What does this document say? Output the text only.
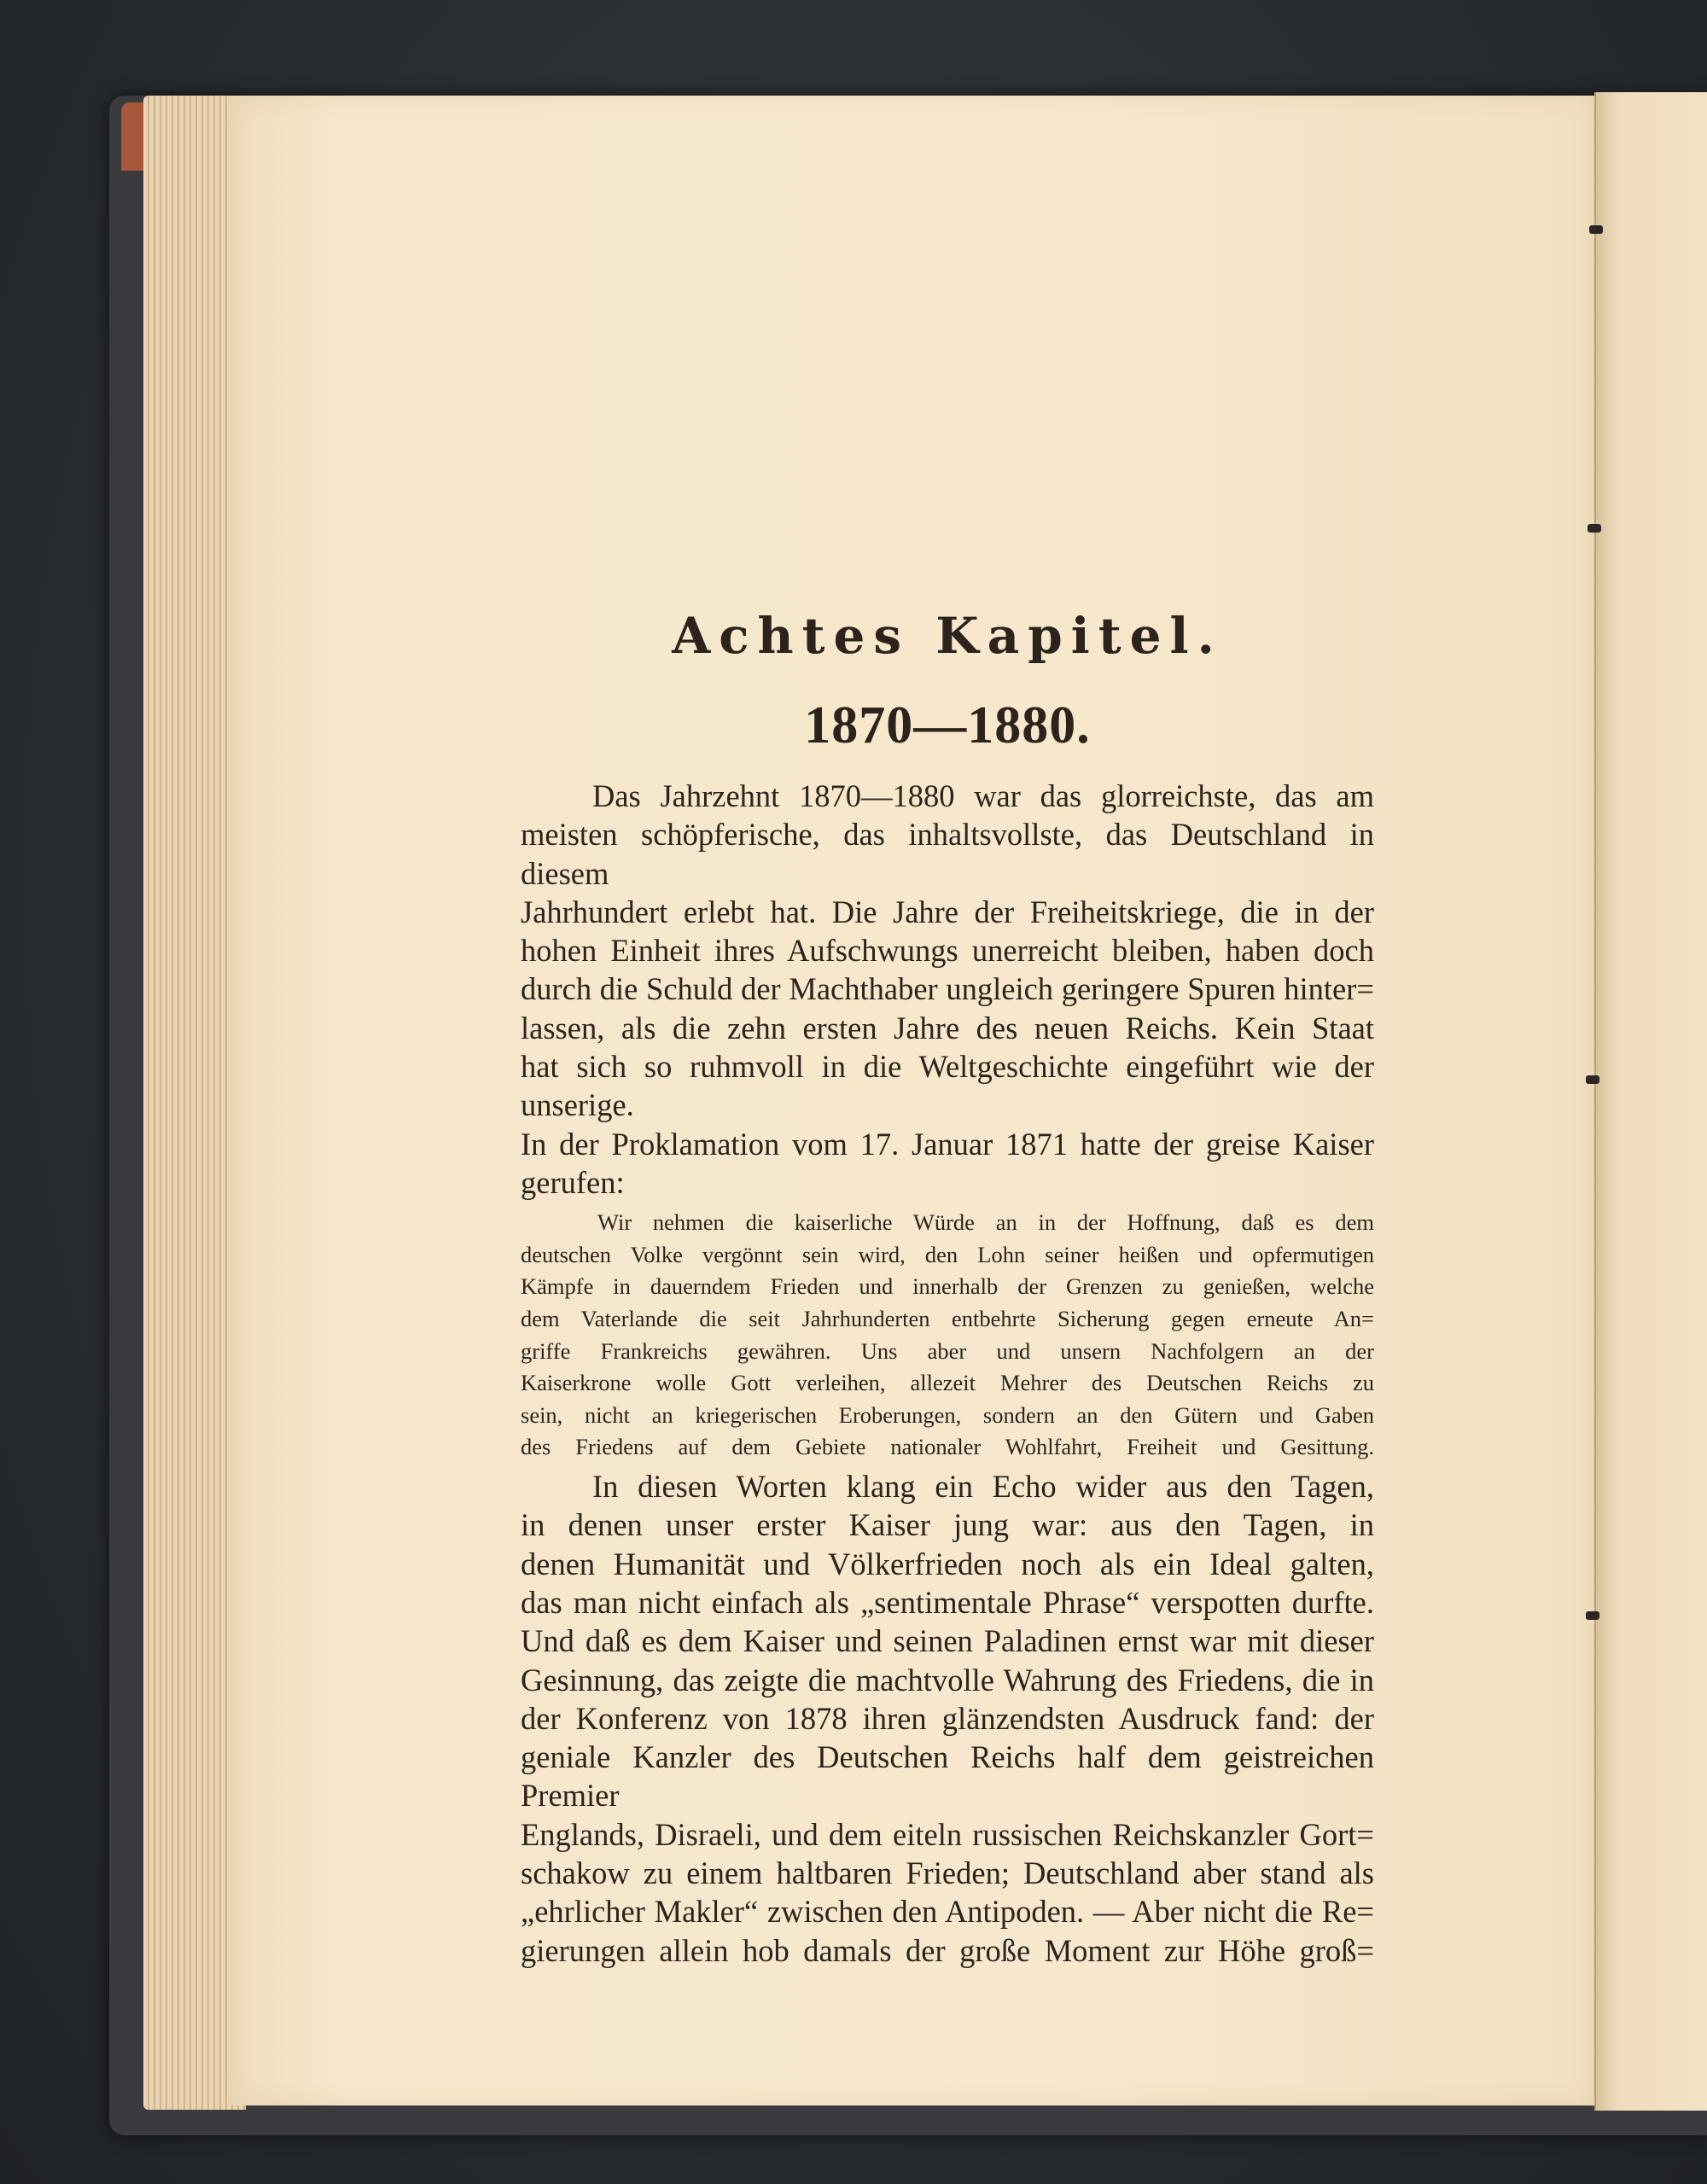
Achtes Kapitel.
1870—1880.

Das Jahrzehnt 1870—1880 war das glorreichste, das am
meisten schöpferische, das inhaltsvollste, das Deutschland in diesem
Jahrhundert erlebt hat. Die Jahre der Freiheitskriege, die in der
hohen Einheit ihres Aufschwungs unerreicht bleiben, haben doch
durch die Schuld der Machthaber ungleich geringere Spuren hinter=
lassen, als die zehn ersten Jahre des neuen Reichs. Kein Staat
hat sich so ruhmvoll in die Weltgeschichte eingeführt wie der unserige.
In der Proklamation vom 17. Januar 1871 hatte der greise Kaiser
gerufen:

Wir nehmen die kaiserliche Würde an in der Hoffnung, daß es dem
deutschen Volke vergönnt sein wird, den Lohn seiner heißen und opfermutigen
Kämpfe in dauerndem Frieden und innerhalb der Grenzen zu genießen, welche
dem Vaterlande die seit Jahrhunderten entbehrte Sicherung gegen erneute An=
griffe Frankreichs gewähren. Uns aber und unsern Nachfolgern an der
Kaiserkrone wolle Gott verleihen, allezeit Mehrer des Deutschen Reichs zu
sein, nicht an kriegerischen Eroberungen, sondern an den Gütern und Gaben
des Friedens auf dem Gebiete nationaler Wohlfahrt, Freiheit und Gesittung.

In diesen Worten klang ein Echo wider aus den Tagen,
in denen unser erster Kaiser jung war: aus den Tagen, in
denen Humanität und Völkerfrieden noch als ein Ideal galten,
das man nicht einfach als „sentimentale Phrase“ verspotten durfte.
Und daß es dem Kaiser und seinen Paladinen ernst war mit dieser
Gesinnung, das zeigte die machtvolle Wahrung des Friedens, die in
der Konferenz von 1878 ihren glänzendsten Ausdruck fand: der
geniale Kanzler des Deutschen Reichs half dem geistreichen Premier
Englands, Disraeli, und dem eiteln russischen Reichskanzler Gort=
schakow zu einem haltbaren Frieden; Deutschland aber stand als
„ehrlicher Makler“ zwischen den Antipoden. — Aber nicht die Re=
gierungen allein hob damals der große Moment zur Höhe groß=
